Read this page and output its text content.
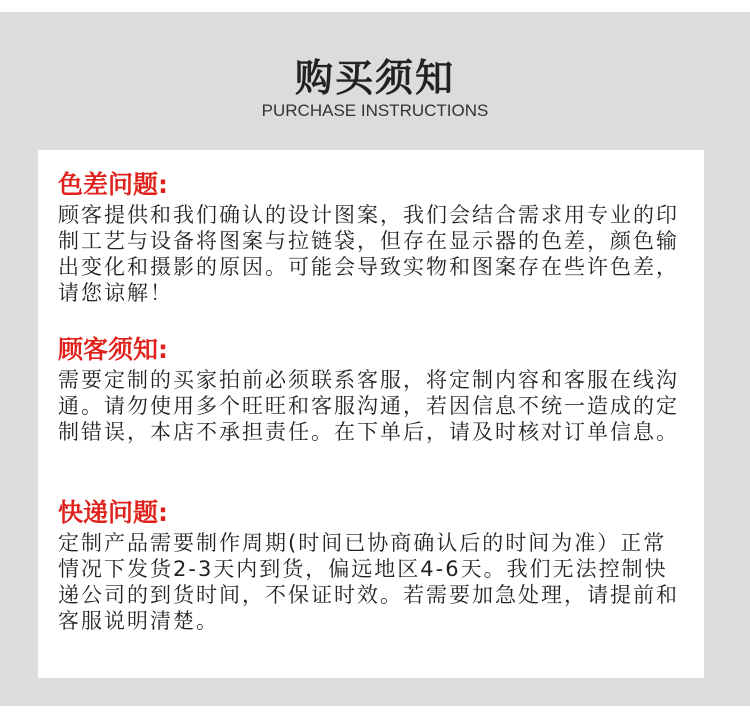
购买须知
PURCHASE INSTRUCTIONS
色差问题:

顾客提供和我们确认的设计图案，我们会结合需求用专业的印制工艺与设备将图案与拉链袋，但存在显示器的色差，颜色输出变化和摄影的原因。可能会导致实物和图案存在些许色差，请您谅解！

顾客须知:

需要定制的买家拍前必须联系客服，将定制内容和客服在线沟通。请勿使用多个旺旺和客服沟通，若因信息不统一造成的定制错误，本店不承担责任。在下单后，请及时核对订单信息。

快递问题:

定制产品需要制作周期(时间已协商确认后的时间为准）正常情况下发货2-3天内到货，偏远地区4-6天。我们无法控制快递公司的到货时间，不保证时效。若需要加急处理，请提前和客服说明清楚。
